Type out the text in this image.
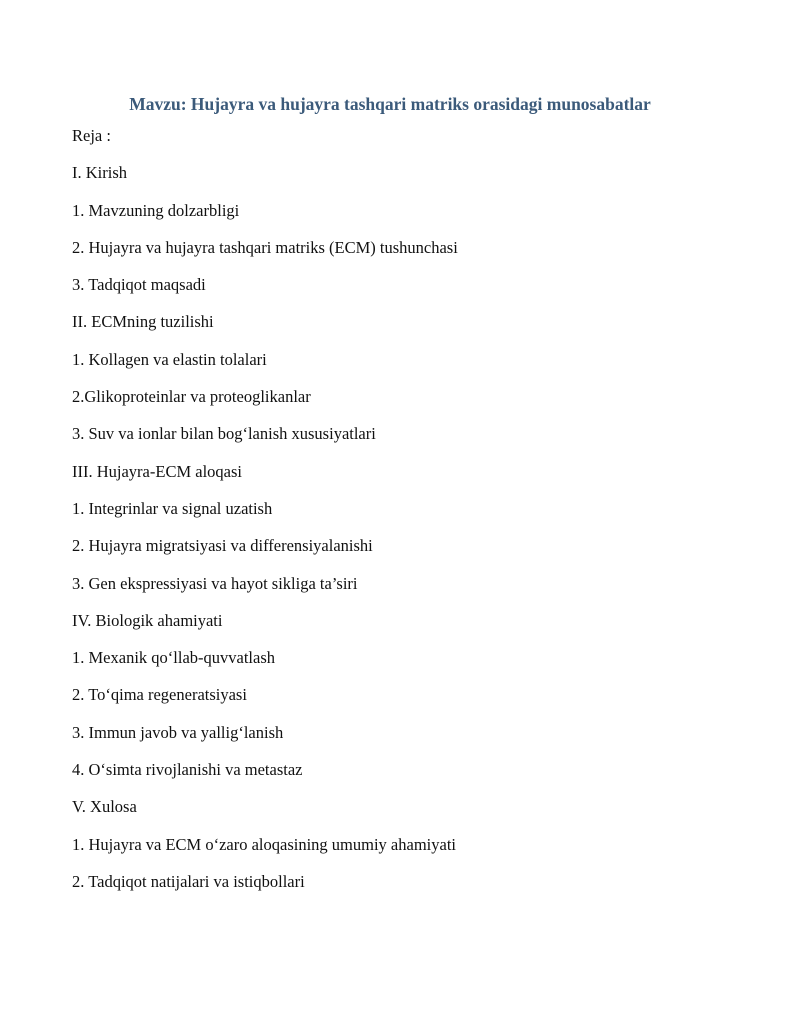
Mavzu: Hujayra va hujayra tashqari matriks orasidagi munosabatlar
Reja :
I. Kirish
1. Mavzuning dolzarbligi
2. Hujayra va hujayra tashqari matriks (ECM) tushunchasi
3. Tadqiqot maqsadi
II. ECMning tuzilishi
1. Kollagen va elastin tolalari
2.Glikoproteinlar va proteoglikanlar
3. Suv va ionlar bilan bog‘lanish xususiyatlari
III. Hujayra-ECM aloqasi
1. Integrinlar va signal uzatish
2. Hujayra migratsiyasi va differensiyalanishi
3. Gen ekspressiyasi va hayot sikliga ta’siri
IV. Biologik ahamiyati
1. Mexanik qo‘llab-quvvatlash
2. To‘qima regeneratsiyasi
3. Immun javob va yallig‘lanish
4. O‘simta rivojlanishi va metastaz
V. Xulosa
1. Hujayra va ECM o‘zaro aloqasining umumiy ahamiyati
2. Tadqiqot natijalari va istiqbollari
